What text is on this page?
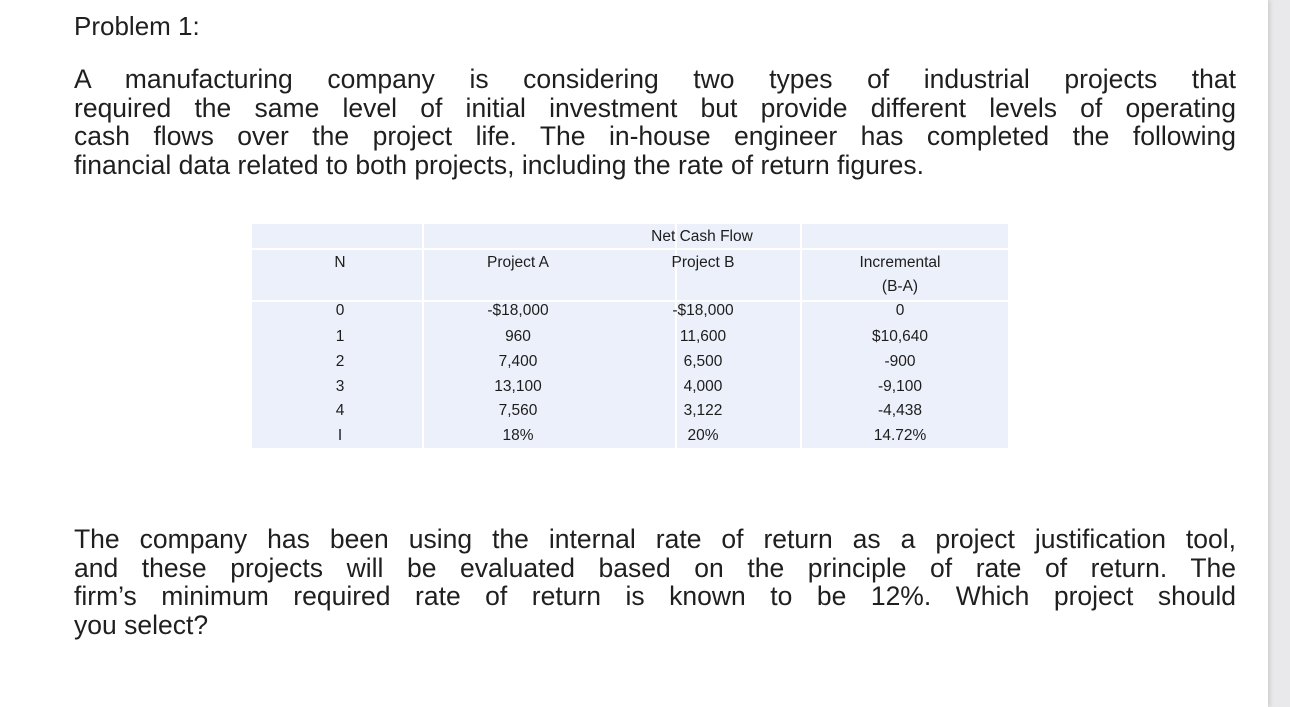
Problem 1:
A manufacturing company is considering two types of industrial projects that
required the same level of initial investment but provide different levels of operating
cash flows over the project life. The in-house engineer has completed the following
financial data related to both projects, including the rate of return figures.
Net Cash Flow
N	Project A	Project B	Incremental
(B-A)
0	-$18,000	-$18,000	0
1	960	11,600	$10,640
2	7,400	6,500	-900
3	13,100	4,000	-9,100
4	7,560	3,122	-4,438
I	18%	20%	14.72%
The company has been using the internal rate of return as a project justification tool,
and these projects will be evaluated based on the principle of rate of return. The
firm’s minimum required rate of return is known to be 12%. Which project should
you select?
